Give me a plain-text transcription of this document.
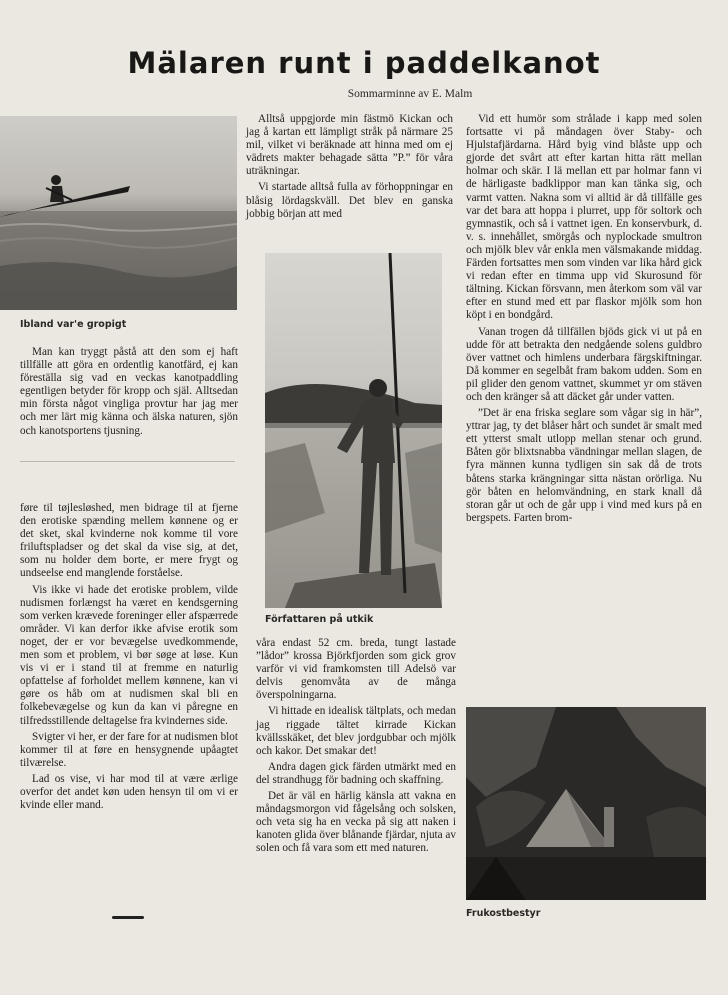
Mälaren runt i paddelkanot
Sommarminne av E. Malm
Ibland var'e gropigt

Man kan tryggt påstå att den som ej haft tillfälle att göra en ordentlig kanotfärd, ej kan föreställa sig vad en veckas kanotpaddling egentligen betyder för kropp och själ. Alltsedan min första något vingliga provtur har jag mer och mer lärt mig känna och älska naturen, sjön och kanotsportens tjusning.

føre til tøjlesløshed, men bidrage til at fjerne den erotiske spænding mellem kønnene og er det sket, skal kvinderne nok komme til vore friluftspladser og det skal da vise sig, at det, som nu holder dem borte, er mere frygt og undseelse end manglende forståelse.

Vis ikke vi hade det erotiske problem, vilde nudismen forlængst ha været en kendsgerning som verken krævede foreninger eller afspærrede områder. Vi kan derfor ikke afvise erotik som noget, der er vor bevægelse uvedkommende, men som et problem, vi bør søge at løse. Kun vis vi er i stand til at fremme en naturlig opfattelse af forholdet mellem kønnene, kan vi gøre os håb om at nudismen skal bli en folkebevægelse og kun da kan vi påregne en tilfredsstillende deltagelse fra kvindernes side.

Svigter vi her, er der fare for at nudismen blot kommer til at føre en hensygnende upåagtet tilværelse.

Lad os vise, vi har mod til at være ærlige overfor det andet køn uden hensyn til om vi er kvinde eller mand.

Alltså uppgjorde min fästmö Kickan och jag å kartan ett lämpligt stråk på närmare 25 mil, vilket vi beräknade att hinna med om ej vädrets makter behagade sätta ”P.” för våra uträkningar.

Vi startade alltså fulla av förhoppningar en blåsig lördagskväll. Det blev en ganska jobbig början att med

Författaren på utkik

våra endast 52 cm. breda, tungt lastade ”lådor” krossa Björkfjorden som gick grov varför vi vid framkomsten till Adelsö var delvis genomvåta av de många överspolningarna.

Vi hittade en idealisk tältplats, och medan jag riggade tältet kirrade Kickan kvällsskäket, det blev jordgubbar och mjölk och kakor. Det smakar det!

Andra dagen gick färden utmärkt med en del strandhugg för badning och skaffning.

Det är väl en härlig känsla att vakna en måndagsmorgon vid fågelsång och solsken, och veta sig ha en vecka på sig att naken i kanoten glida över blånande fjärdar, njuta av solen och få vara som ett med naturen.

Vid ett humör som strålade i kapp med solen fortsatte vi på måndagen över Staby- och Hjulstafjärdarna. Hård byig vind blåste upp och gjorde det svårt att efter kartan hitta rätt mellan holmar och skär. I lä mellan ett par holmar fann vi de härligaste badklippor man kan tänka sig, och varmt vatten. Nakna som vi alltid är då tillfälle ges var det bara att hoppa i plurret, upp för soltork och gymnastik, och så i vattnet igen. En konservburk, d. v. s. innehållet, smörgås och nyplockade smultron och mjölk blev vår enkla men välsmakande middag. Färden fortsattes men som vinden var lika hård gick vi redan efter en timma upp vid Skurosund för tältning. Kickan försvann, men återkom som väl var efter en stund med ett par flaskor mjölk som hon köpt i en bondgård.

Vanan trogen då tillfällen bjöds gick vi ut på en udde för att betrakta den nedgående solens guldbro över vattnet och himlens underbara färgskiftningar. Då kommer en segelbåt fram bakom udden. Som en pil glider den genom vattnet, skummet yr om stäven och den kränger så att däcket går under vatten.

”Det är ena friska seglare som vågar sig in här”, yttrar jag, ty det blåser hårt och sundet är smalt med ett ytterst smalt utlopp mellan stenar och grund. Båten gör blixtsnabba vändningar mellan slagen, de fyra männen kunna tydligen sin sak då de trots båtens starka krängningar sitta nästan orörliga. Nu gör båten en helomvändning, en stark knall då storan går ut och de går upp i vind med kurs på en bergspets. Farten brom-

Frukostbestyr
